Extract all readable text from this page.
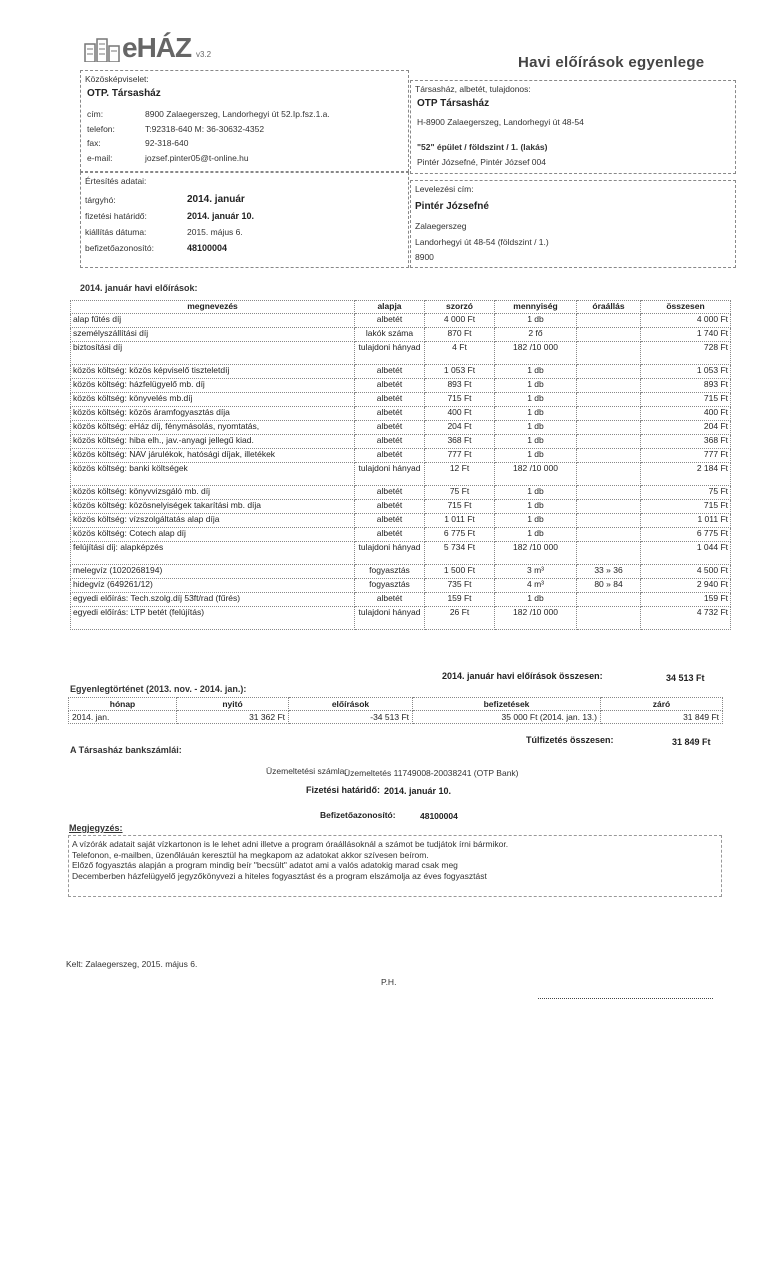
eHÁZ v3.2	Havi előírások egyenlege
Közösképviselet:
OTP. Társasház
cím:	8900 Zalaegerszeg, Landorhegyi út 52.Ip.fsz.1.a.
telefon:	T:92318-640 M: 36-30632-4352
fax:	92-318-640
e-mail:	jozsef.pinter05@t-online.hu
Társasház, albetét, tulajdonos:
OTP Társasház
H-8900 Zalaegerszeg, Landorhegyi út 48-54
"52" épület / földszint / 1. (lakás)
Pintér Józsefné, Pintér József 004
Értesítés adatai:
tárgyhó:	2014. január
fizetési határidő:	2014. január 10.
kiállítás dátuma:	2015. május 6.
befizetőazonosító:	48100004
Levelezési cím:
Pintér Józsefné
Zalaegerszeg
Landorhegyi út 48-54 (földszint / 1.)
8900
2014. január havi előírások:
megnevezés	alapja	szorzó	mennyiség	óraállás	összesen
alap fűtés díj	albetét	4 000 Ft	1 db		4 000 Ft
személyszállítási díj	lakók száma	870 Ft	2 fő		1 740 Ft
biztosítási díj	tulajdoni hányad	4 Ft	182 /10 000		728 Ft
közös költség: közös képviselő tiszteletdíj	albetét	1 053 Ft	1 db		1 053 Ft
közös költség: házfelügyelő mb. díj	albetét	893 Ft	1 db		893 Ft
közös költség: könyvelés mb.díj	albetét	715 Ft	1 db		715 Ft
közös költség: közös áramfogyasztás díja	albetét	400 Ft	1 db		400 Ft
közös költség: eHáz díj, fénymásolás, nyomtatás,	albetét	204 Ft	1 db		204 Ft
közös költség: hiba elh., jav.-anyagi jellegű kiad.	albetét	368 Ft	1 db		368 Ft
közös költség: NAV járulékok, hatósági díjak, illetékek	albetét	777 Ft	1 db		777 Ft
közös költség: banki költségek	tulajdoni hányad	12 Ft	182 /10 000		2 184 Ft
közös költség: könyvvizsgáló mb. díj	albetét	75 Ft	1 db		75 Ft
közös költség: közösnelyiségek takarítási mb. díja	albetét	715 Ft	1 db		715 Ft
közös költség: vízszolgáltatás alap díja	albetét	1 011 Ft	1 db		1 011 Ft
közös költség: Cotech alap díj	albetét	6 775 Ft	1 db		6 775 Ft
felújítási díj: alapképzés	tulajdoni hányad	5 734 Ft	182 /10 000		1 044 Ft
melegvíz (1020268194)	fogyasztás	1 500 Ft	3 m³	33 » 36	4 500 Ft
hidegvíz (649261/12)	fogyasztás	735 Ft	4 m³	80 » 84	2 940 Ft
egyedi előírás: Tech.szolg.díj 53ft/rad (fűrés)	albetét	159 Ft	1 db		159 Ft
egyedi előírás: LTP betét (felújítás)	tulajdoni hányad	26 Ft	182 /10 000		4 732 Ft
2014. január havi előírások összesen:	34 513 Ft
Egyenlegtörténet (2013. nov. - 2014. jan.):
hónap	nyitó	előírások	befizetések	záró
2014. jan.	31 362 Ft	-34 513 Ft	35 000 Ft (2014. jan. 13.)	31 849 Ft
Túlfizetés összesen:	31 849 Ft
A Társasház bankszámlái:
Üzemeltetési számla:
Üzemeltetés 11749008-20038241 (OTP Bank)
Fizetési határidő: 2014. január 10.
Befizetőazonosító:	48100004
Megjegyzés:
A vízórák adatait saját vízkartonon is le lehet adni illetve a program óraállásoknál a számot be tudjátok írni bármikor.
Telefonon, e-mailben, üzenőláuán keresztül ha megkapom az adatokat akkor szívesen beírom.
Előző fogyasztás alapján a program mindig beír "becsült" adatot ami a valós adatokig marad csak meg
Decemberben házfelügyelő jegyzőkönyvezi a hiteles fogyasztást és a program elszámolja az éves fogyasztást
Kelt: Zalaegerszeg, 2015. május 6.
P.H.
